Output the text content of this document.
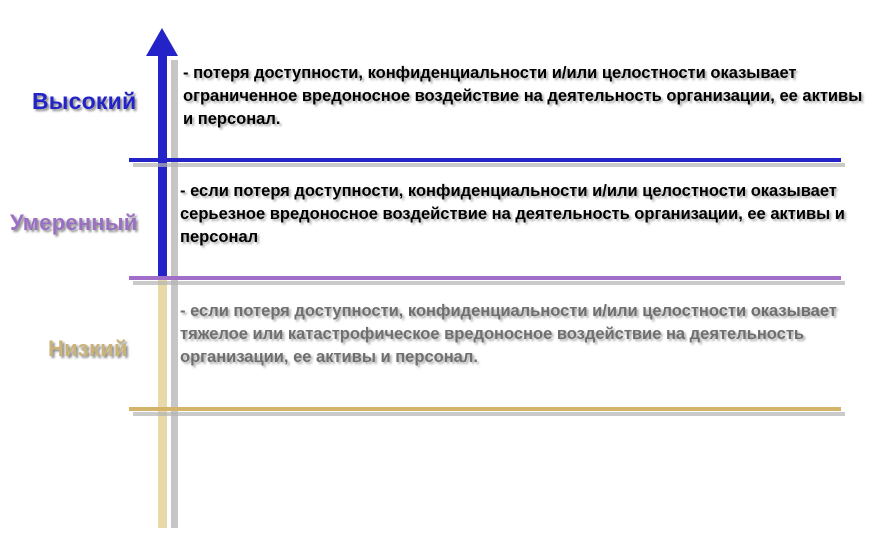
Высокий
- потеря доступности, конфиденциальности и/или целостности оказывает ограниченное вредоносное воздействие на деятельность организации, ее активы и персонал.
Умеренный
- если потеря доступности, конфиденциальности и/или целостности оказывает серьезное вредоносное воздействие на деятельность организации, ее активы и персонал
Низкий
- если потеря доступности, конфиденциальности и/или целостности оказывает тяжелое или катастрофическое вредоносное воздействие на деятельность организации, ее активы и персонал.
